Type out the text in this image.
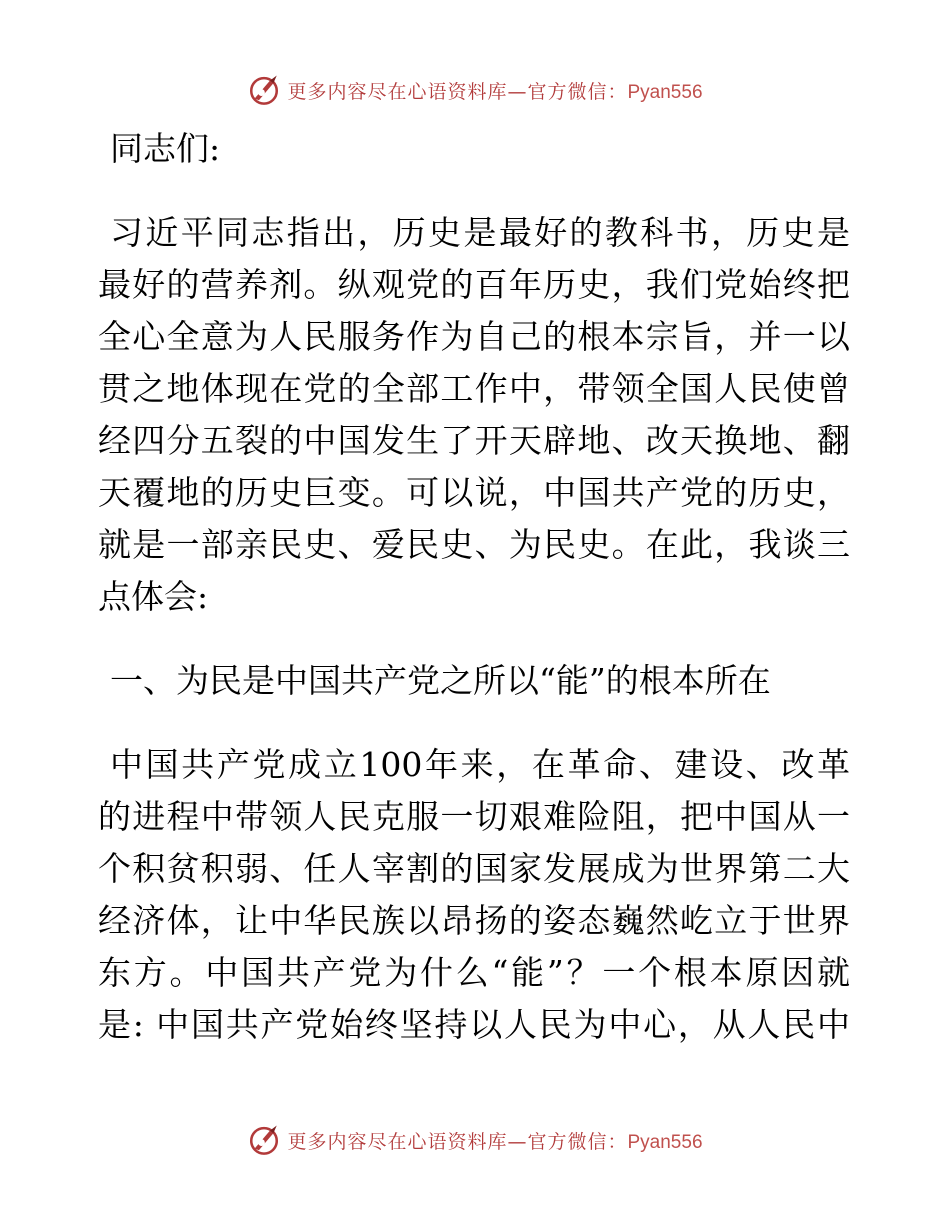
更多内容尽在心语资料库—官方微信：Pyan556
同志们:
习近平同志指出，历史是最好的教科书，历史是
最好的营养剂。纵观党的百年历史，我们党始终把
全心全意为人民服务作为自己的根本宗旨，并一以
贯之地体现在党的全部工作中，带领全国人民使曾
经四分五裂的中国发生了开天辟地、改天换地、翻
天覆地的历史巨变。可以说，中国共产党的历史，
就是一部亲民史、爱民史、为民史。在此，我谈三
点体会:
一、为民是中国共产党之所以“能”的根本所在
中国共产党成立100年来，在革命、建设、改革
的进程中带领人民克服一切艰难险阻，把中国从一
个积贫积弱、任人宰割的国家发展成为世界第二大
经济体，让中华民族以昂扬的姿态巍然屹立于世界
东方。中国共产党为什么“能”？一个根本原因就
是: 中国共产党始终坚持以人民为中心，从人民中
更多内容尽在心语资料库—官方微信：Pyan556
